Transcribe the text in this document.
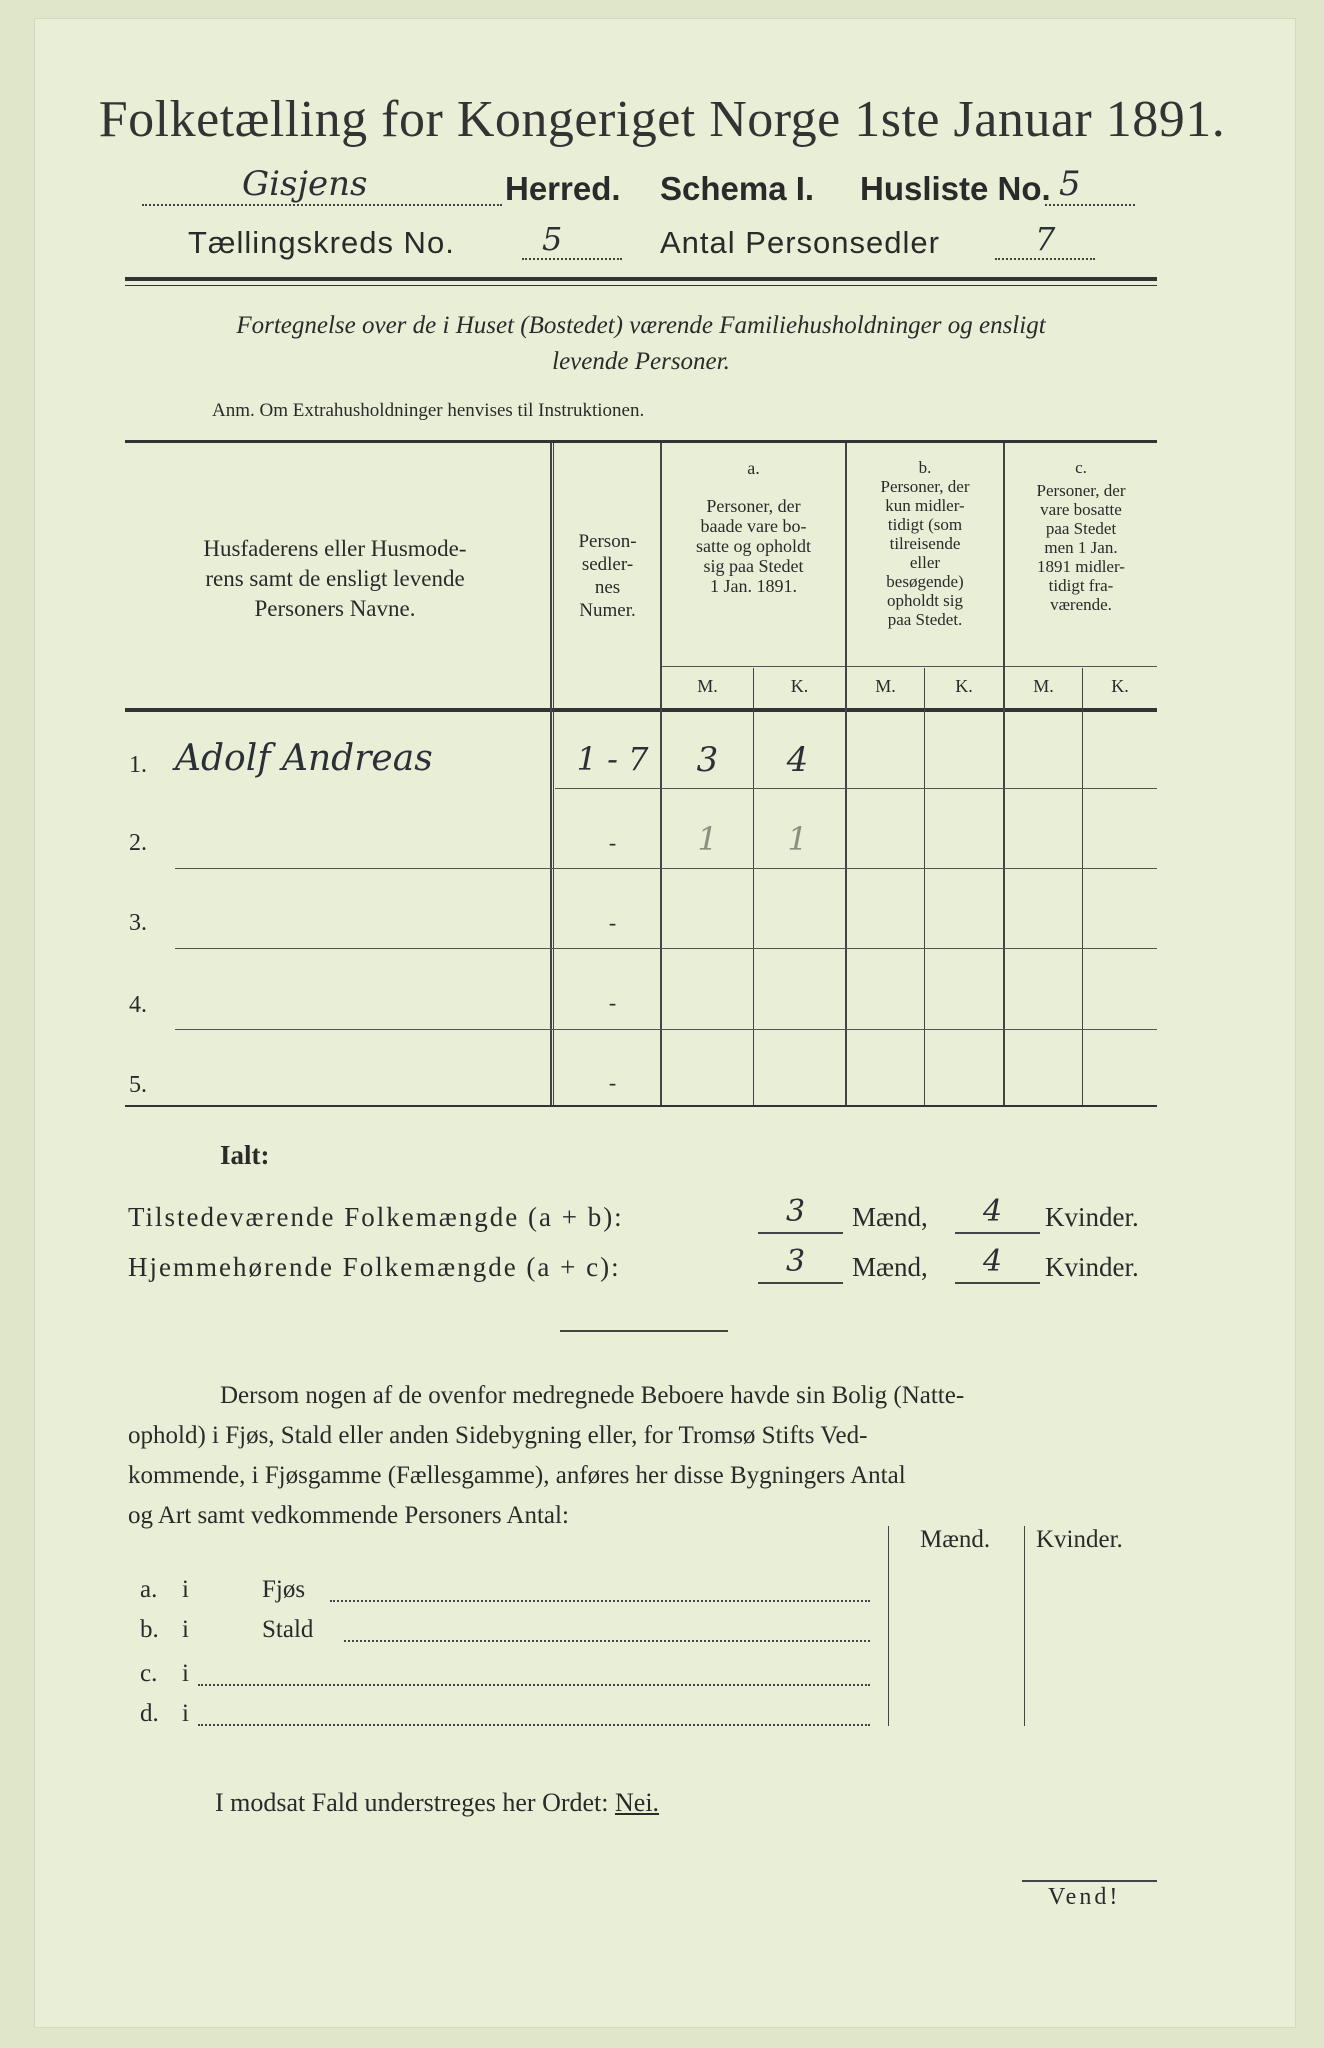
Folketælling for Kongeriget Norge 1ste Januar 1891.
Gisjens	Herred. Schema I. Husliste No. 5
Tællingskreds No.	5	Antal Personsedler	7
Fortegnelse over de i Huset (Bostedet) værende Familiehusholdninger og ensligt
levende Personer.
Anm. Om Extrahusholdninger henvises til Instruktionen.
Husfaderens eller Husmode-
rens samt de ensligt levende
Personers Navne.
Person-
sedler-
nes
Numer.
a.
Personer, der
baade vare bo-
satte og opholdt
sig paa Stedet
1 Jan. 1891.
b.
Personer, der
kun midler-
tidigt (som
tilreisende
eller
besøgende)
opholdt sig
paa Stedet.
c.
Personer, der
vare bosatte
paa Stedet
men 1 Jan.
1891 midler-
tidigt fra-
værende.
M.	K.	M.	K.	M.	K.
1. Adolf Andreas	1 - 7	3	4
2.	-	1	1
3.	-
4.	-
5.	-
Ialt:
Tilstedeværende Folkemængde (a + b):	3 Mænd, 4 Kvinder.
Hjemmehørende Folkemængde (a + c):	3 Mænd, 4 Kvinder.
Dersom nogen af de ovenfor medregnede Beboere havde sin Bolig (Natte-
ophold) i Fjøs, Stald eller anden Sidebygning eller, for Tromsø Stifts Ved-
kommende, i Fjøsgamme (Fællesgamme), anføres her disse Bygningers Antal
og Art samt vedkommende Personers Antal:
Mænd. Kvinder.
a. i	Fjøs
b. i	Stald
c. i
d. i
I modsat Fald understreges her Ordet: Nei.
Vend!
